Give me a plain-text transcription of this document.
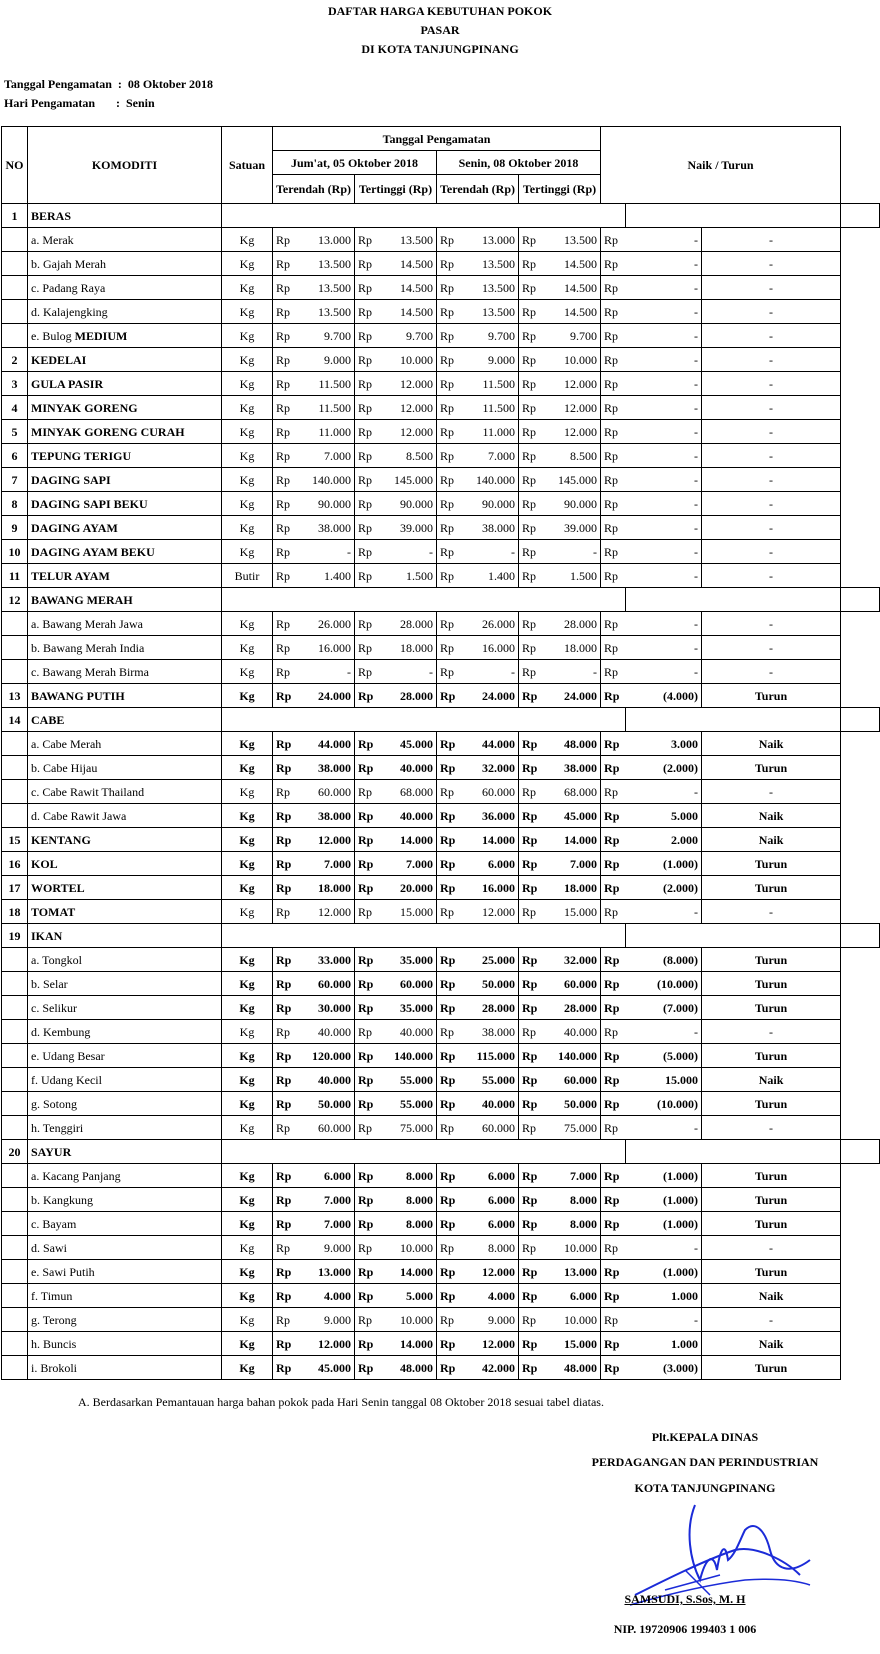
DAFTAR HARGA KEBUTUHAN POKOK
PASAR
DI KOTA TANJUNGPINANG
Tanggal Pengamatan  :  08 Oktober 2018
Hari Pengamatan       :  Senin
NO	KOMODITI	Satuan	Tanggal Pengamatan								Naik / Turun			
			Jum'at, 05 Oktober 2018				Senin, 08 Oktober 2018							
			Terendah (Rp)		Tertinggi (Rp)		Terendah (Rp)		Tertinggi (Rp)					
1	BERAS													
	a. Merak	Kg	Rp	13.000	Rp	13.500	Rp	13.000	Rp	13.500	Rp	-	-	
	b. Gajah Merah	Kg	Rp	13.500	Rp	14.500	Rp	13.500	Rp	14.500	Rp	-	-	
	c. Padang Raya	Kg	Rp	13.500	Rp	14.500	Rp	13.500	Rp	14.500	Rp	-	-	
	d. Kalajengking	Kg	Rp	13.500	Rp	14.500	Rp	13.500	Rp	14.500	Rp	-	-	
	e. Bulog MEDIUM	Kg	Rp	9.700	Rp	9.700	Rp	9.700	Rp	9.700	Rp	-	-	
2	KEDELAI	Kg	Rp	9.000	Rp	10.000	Rp	9.000	Rp	10.000	Rp	-	-	
3	GULA PASIR	Kg	Rp	11.500	Rp	12.000	Rp	11.500	Rp	12.000	Rp	-	-	
4	MINYAK GORENG	Kg	Rp	11.500	Rp	12.000	Rp	11.500	Rp	12.000	Rp	-	-	
5	MINYAK GORENG CURAH	Kg	Rp	11.000	Rp	12.000	Rp	11.000	Rp	12.000	Rp	-	-	
6	TEPUNG TERIGU	Kg	Rp	7.000	Rp	8.500	Rp	7.000	Rp	8.500	Rp	-	-	
7	DAGING SAPI	Kg	Rp	140.000	Rp	145.000	Rp	140.000	Rp	145.000	Rp	-	-	
8	DAGING SAPI BEKU	Kg	Rp	90.000	Rp	90.000	Rp	90.000	Rp	90.000	Rp	-	-	
9	DAGING AYAM	Kg	Rp	38.000	Rp	39.000	Rp	38.000	Rp	39.000	Rp	-	-	
10	DAGING AYAM BEKU	Kg	Rp	-	Rp	-	Rp	-	Rp	-	Rp	-	-	
11	TELUR AYAM	Butir	Rp	1.400	Rp	1.500	Rp	1.400	Rp	1.500	Rp	-	-	
12	BAWANG MERAH													
	a. Bawang Merah Jawa	Kg	Rp	26.000	Rp	28.000	Rp	26.000	Rp	28.000	Rp	-	-	
	b. Bawang Merah India	Kg	Rp	16.000	Rp	18.000	Rp	16.000	Rp	18.000	Rp	-	-	
	c. Bawang Merah Birma	Kg	Rp	-	Rp	-	Rp	-	Rp	-	Rp	-	-	
13	BAWANG PUTIH	Kg	Rp	24.000	Rp	28.000	Rp	24.000	Rp	24.000	Rp	(4.000)	Turun	
14	CABE													
	a. Cabe Merah	Kg	Rp	44.000	Rp	45.000	Rp	44.000	Rp	48.000	Rp	3.000	Naik	
	b. Cabe Hijau	Kg	Rp	38.000	Rp	40.000	Rp	32.000	Rp	38.000	Rp	(2.000)	Turun	
	c. Cabe Rawit Thailand	Kg	Rp	60.000	Rp	68.000	Rp	60.000	Rp	68.000	Rp	-	-	
	d. Cabe Rawit Jawa	Kg	Rp	38.000	Rp	40.000	Rp	36.000	Rp	45.000	Rp	5.000	Naik	
15	KENTANG	Kg	Rp	12.000	Rp	14.000	Rp	14.000	Rp	14.000	Rp	2.000	Naik	
16	KOL	Kg	Rp	7.000	Rp	7.000	Rp	6.000	Rp	7.000	Rp	(1.000)	Turun	
17	WORTEL	Kg	Rp	18.000	Rp	20.000	Rp	16.000	Rp	18.000	Rp	(2.000)	Turun	
18	TOMAT	Kg	Rp	12.000	Rp	15.000	Rp	12.000	Rp	15.000	Rp	-	-	
19	IKAN													
	a. Tongkol	Kg	Rp	33.000	Rp	35.000	Rp	25.000	Rp	32.000	Rp	(8.000)	Turun	
	b. Selar	Kg	Rp	60.000	Rp	60.000	Rp	50.000	Rp	60.000	Rp	(10.000)	Turun	
	c. Selikur	Kg	Rp	30.000	Rp	35.000	Rp	28.000	Rp	28.000	Rp	(7.000)	Turun	
	d. Kembung	Kg	Rp	40.000	Rp	40.000	Rp	38.000	Rp	40.000	Rp	-	-	
	e. Udang Besar	Kg	Rp	120.000	Rp	140.000	Rp	115.000	Rp	140.000	Rp	(5.000)	Turun	
	f. Udang Kecil	Kg	Rp	40.000	Rp	55.000	Rp	55.000	Rp	60.000	Rp	15.000	Naik	
	g. Sotong	Kg	Rp	50.000	Rp	55.000	Rp	40.000	Rp	50.000	Rp	(10.000)	Turun	
	h. Tenggiri	Kg	Rp	60.000	Rp	75.000	Rp	60.000	Rp	75.000	Rp	-	-	
20	SAYUR													
	a. Kacang Panjang	Kg	Rp	6.000	Rp	8.000	Rp	6.000	Rp	7.000	Rp	(1.000)	Turun	
	b. Kangkung	Kg	Rp	7.000	Rp	8.000	Rp	6.000	Rp	8.000	Rp	(1.000)	Turun	
	c. Bayam	Kg	Rp	7.000	Rp	8.000	Rp	6.000	Rp	8.000	Rp	(1.000)	Turun	
	d. Sawi	Kg	Rp	9.000	Rp	10.000	Rp	8.000	Rp	10.000	Rp	-	-	
	e. Sawi Putih	Kg	Rp	13.000	Rp	14.000	Rp	12.000	Rp	13.000	Rp	(1.000)	Turun	
	f. Timun	Kg	Rp	4.000	Rp	5.000	Rp	4.000	Rp	6.000	Rp	1.000	Naik	
	g. Terong	Kg	Rp	9.000	Rp	10.000	Rp	9.000	Rp	10.000	Rp	-	-	
	h. Buncis	Kg	Rp	12.000	Rp	14.000	Rp	12.000	Rp	15.000	Rp	1.000	Naik	
	i. Brokoli	Kg	Rp	45.000	Rp	48.000	Rp	42.000	Rp	48.000	Rp	(3.000)	Turun	
A. Berdasarkan Pemantauan harga bahan pokok pada Hari Senin tanggal 08 Oktober 2018 sesuai tabel diatas.
Plt.KEPALA DINAS
PERDAGANGAN DAN PERINDUSTRIAN
KOTA TANJUNGPINANG
SAMSUDI, S.Sos, M. H
NIP. 19720906 199403 1 006
